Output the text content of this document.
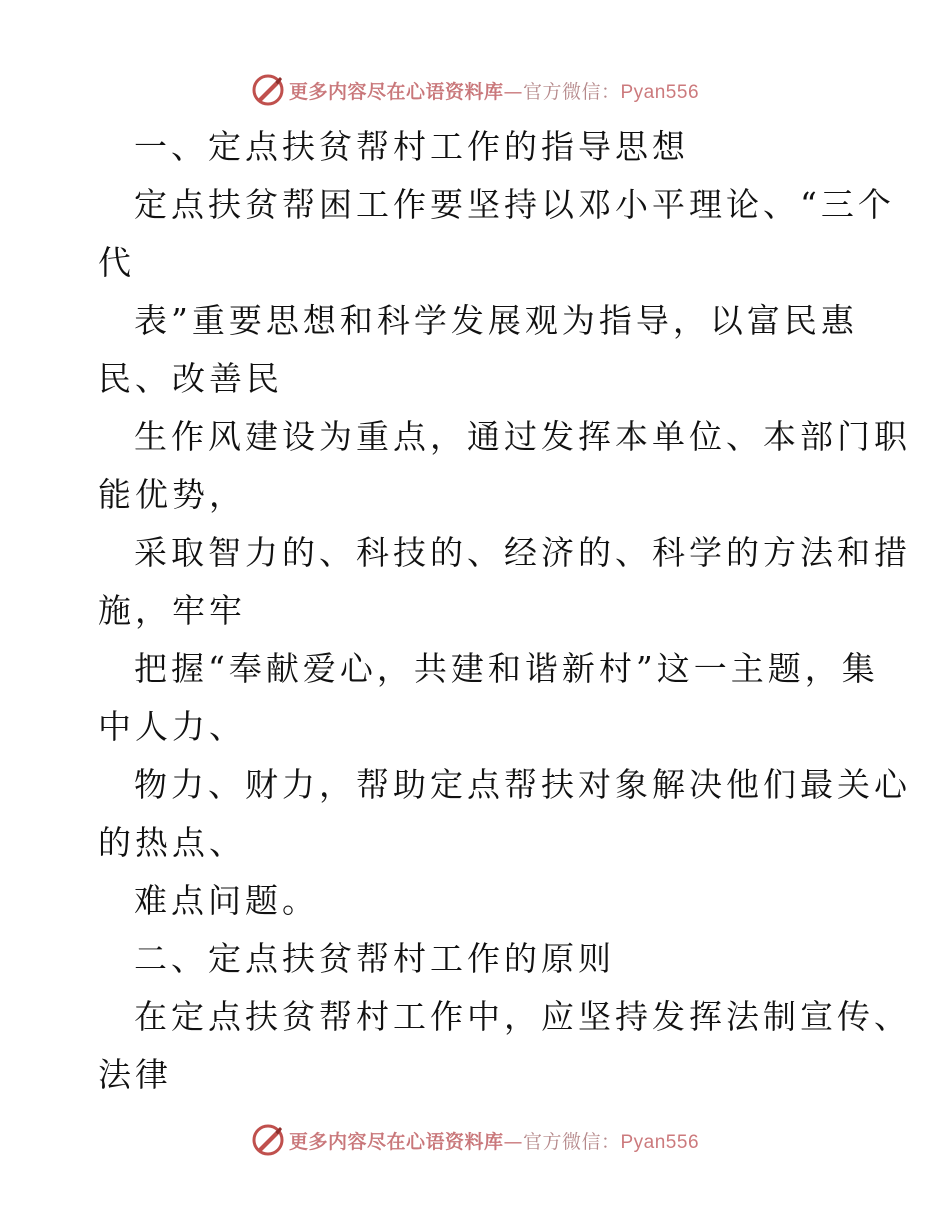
更多内容尽在心语资料库—官方微信：Pyan556
一、定点扶贫帮村工作的指导思想
定点扶贫帮困工作要坚持以邓小平理论、“三个
代
表”重要思想和科学发展观为指导，以富民惠
民、改善民
生作风建设为重点，通过发挥本单位、本部门职
能优势，
采取智力的、科技的、经济的、科学的方法和措
施，牢牢
把握“奉献爱心，共建和谐新村”这一主题，集
中人力、
物力、财力，帮助定点帮扶对象解决他们最关心
的热点、
难点问题。
二、定点扶贫帮村工作的原则
在定点扶贫帮村工作中，应坚持发挥法制宣传、
法律
更多内容尽在心语资料库—官方微信：Pyan556
